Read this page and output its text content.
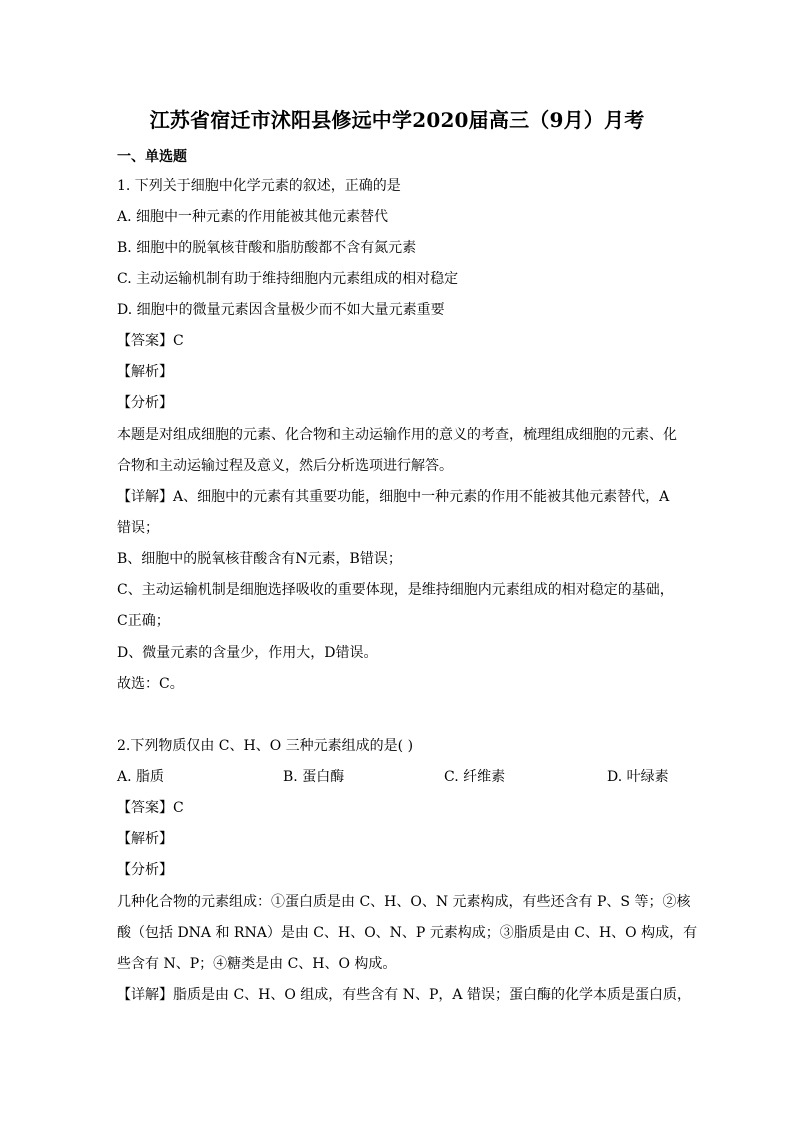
江苏省宿迁市沭阳县修远中学2020届高三（9月）月考
一、单选题
1. 下列关于细胞中化学元素的叙述，正确的是
A. 细胞中一种元素的作用能被其他元素替代
B. 细胞中的脱氧核苷酸和脂肪酸都不含有氮元素
C. 主动运输机制有助于维持细胞内元素组成的相对稳定
D. 细胞中的微量元素因含量极少而不如大量元素重要
【答案】C
【解析】
【分析】
本题是对组成细胞的元素、化合物和主动运输作用的意义的考查，梳理组成细胞的元素、化
合物和主动运输过程及意义，然后分析选项进行解答。
【详解】A、细胞中的元素有其重要功能，细胞中一种元素的作用不能被其他元素替代，A
错误；
B、细胞中的脱氧核苷酸含有N元素，B错误；
C、主动运输机制是细胞选择吸收的重要体现，是维持细胞内元素组成的相对稳定的基础，
C正确；
D、微量元素的含量少，作用大，D错误。
故选：C。
2.下列物质仅由 C、H、O 三种元素组成的是( )
A. 脂质	B. 蛋白酶	C. 纤维素	D. 叶绿素
【答案】C
【解析】
【分析】
几种化合物的元素组成：①蛋白质是由 C、H、O、N 元素构成，有些还含有 P、S 等；②核
酸（包括 DNA 和 RNA）是由 C、H、O、N、P 元素构成；③脂质是由 C、H、O 构成，有
些含有 N、P；④糖类是由 C、H、O 构成。
【详解】脂质是由 C、H、O 组成，有些含有 N、P，A 错误；蛋白酶的化学本质是蛋白质，
